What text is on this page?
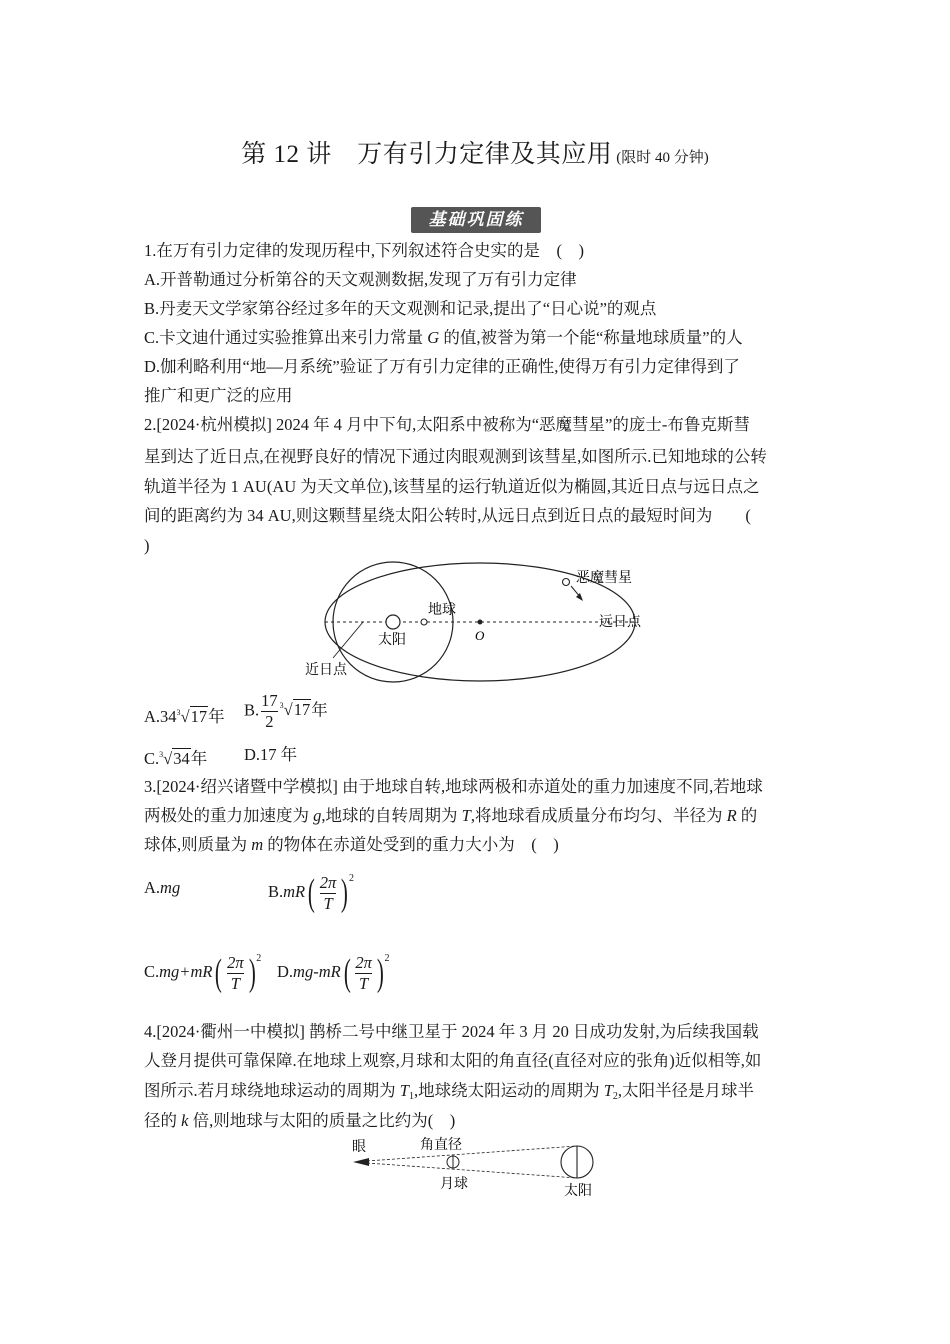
第 12 讲　万有引力定律及其应用 (限时 40 分钟)
基础巩固练
1.在万有引力定律的发现历程中,下列叙述符合史实的是　(　)
A.开普勒通过分析第谷的天文观测数据,发现了万有引力定律
B.丹麦天文学家第谷经过多年的天文观测和记录,提出了“日心说”的观点
C.卡文迪什通过实验推算出来引力常量 G 的值,被誉为第一个能“称量地球质量”的人
D.伽利略利用“地—月系统”验证了万有引力定律的正确性,使得万有引力定律得到了
推广和更广泛的应用
2.[2024·杭州模拟] 2024 年 4 月中下旬,太阳系中被称为“恶魔彗星”的庞士-布鲁克斯彗
星到达了近日点,在视野良好的情况下通过肉眼观测到该彗星,如图所示.已知地球的公转
轨道半径为 1 AU(AU 为天文单位),该彗星的运行轨道近似为椭圆,其近日点与远日点之
间的距离约为 34 AU,则这颗彗星绕太阳公转时,从远日点到近日点的最短时间为　　(
)
恶魔彗星
地球
太阳	O
远日点
近日点
$A.34^3√17$年 B. $\frac{17}{2} ^3√17$年
C.$^3$√34年 D.17 年
3.[2024·绍兴诸暨中学模拟] 由于地球自转,地球两极和赤道处的重力加速度不同,若地球
两极处的重力加速度为 g,地球的自转周期为 T,将地球看成质量分布均匀、半径为 R 的
球体,则质量为 m 的物体在赤道处受到的重力大小为　(　)
A.mg	$B.mR( \frac{2\pi}{T} )^2$
$C.mg+mR( \frac{2\pi}{T} )^2$
$D.mg-mR( \frac{2\pi}{T} )^2$
4.[2024·衢州一中模拟] 鹊桥二号中继卫星于 2024 年 3 月 20 日成功发射,为后续我国载
人登月提供可靠保障.在地球上观察,月球和太阳的角直径(直径对应的张角)近似相等,如
图所示.若月球绕地球运动的周期为 $T_1$,地球绕太阳运动的周期为 $T_2$,太阳半径是月球半
径的 k 倍,则地球与太阳的质量之比约为(　)
眼	角直径
月球	太阳
